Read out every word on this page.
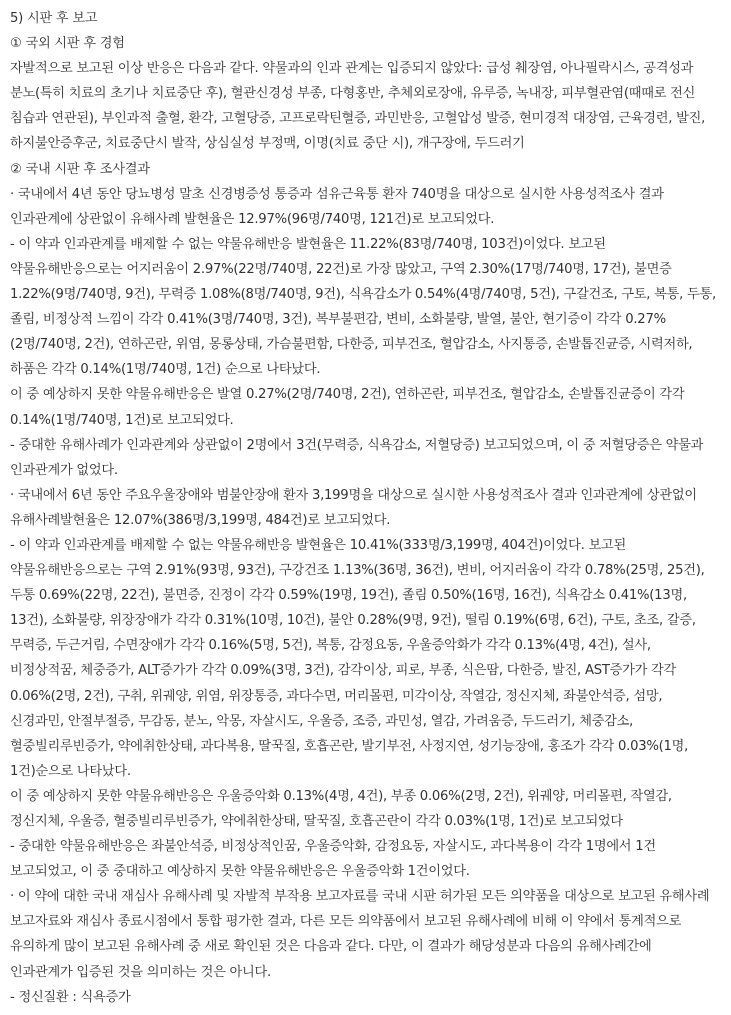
5) 시판 후 보고

① 국외 시판 후 경험

자발적으로 보고된 이상 반응은 다음과 같다. 약물과의 인과 관계는 입증되지 않았다: 급성 췌장염, 아나필락시스, 공격성과 분노(특히 치료의 초기나 치료중단 후), 혈관신경성 부종, 다형홍반, 추체외로장애, 유루증, 녹내장, 피부혈관염(때때로 전신 침습과 연관된), 부인과적 출혈, 환각, 고혈당증, 고프로락틴혈증, 과민반응, 고혈압성 발증, 현미경적 대장염, 근육경련, 발진, 하지불안증후군, 치료중단시 발작, 상심실성 부정맥, 이명(치료 중단 시), 개구장애, 두드러기

② 국내 시판 후 조사결과

· 국내에서 4년 동안 당뇨병성 말초 신경병증성 통증과 섬유근육통 환자 740명을 대상으로 실시한 사용성적조사 결과 인과관계에 상관없이 유해사례 발현율은 12.97%(96명/740명, 121건)로 보고되었다.

- 이 약과 인과관계를 배제할 수 없는 약물유해반응 발현율은 11.22%(83명/740명, 103건)이었다. 보고된 약물유해반응으로는 어지러움이 2.97%(22명/740명, 22건)로 가장 많았고, 구역 2.30%(17명/740명, 17건), 불면증 1.22%(9명/740명, 9건), 무력증 1.08%(8명/740명, 9건), 식욕감소가 0.54%(4명/740명, 5건), 구갈건조, 구토, 복통, 두통, 졸림, 비정상적 느낌이 각각 0.41%(3명/740명, 3건), 복부불편감, 변비, 소화불량, 발열, 불안, 현기증이 각각 0.27%(2명/740명, 2건), 연하곤란, 위염, 몽롱상태, 가슴불편함, 다한증, 피부건조, 혈압감소, 사지통증, 손발톱진균증, 시력저하, 하품은 각각 0.14%(1명/740명, 1건) 순으로 나타났다.

이 중 예상하지 못한 약물유해반응은 발열 0.27%(2명/740명, 2건), 연하곤란, 피부건조, 혈압감소, 손발톱진균증이 각각 0.14%(1명/740명, 1건)로 보고되었다.

- 중대한 유해사례가 인과관계와 상관없이 2명에서 3건(무력증, 식욕감소, 저혈당증) 보고되었으며, 이 중 저혈당증은 약물과 인과관계가 없었다.

· 국내에서 6년 동안 주요우울장애와 범불안장애 환자 3,199명을 대상으로 실시한 사용성적조사 결과 인과관계에 상관없이 유해사례발현율은 12.07%(386명/3,199명, 484건)로 보고되었다.

- 이 약과 인과관계를 배제할 수 없는 약물유해반응 발현율은 10.41%(333명/3,199명, 404건)이었다. 보고된 약물유해반응으로는 구역 2.91%(93명, 93건), 구강건조 1.13%(36명, 36건), 변비, 어지러움이 각각 0.78%(25명, 25건), 두통 0.69%(22명, 22건), 불면증, 진정이 각각 0.59%(19명, 19건), 졸림 0.50%(16명, 16건), 식욕감소 0.41%(13명, 13건), 소화불량, 위장장애가 각각 0.31%(10명, 10건), 불안 0.28%(9명, 9건), 떨림 0.19%(6명, 6건), 구토, 초조, 갈증, 무력증, 두근거림, 수면장애가 각각 0.16%(5명, 5건), 복통, 감정요동, 우울증악화가 각각 0.13%(4명, 4건), 설사, 비정상적꿈, 체중증가, ALT증가가 각각 0.09%(3명, 3건), 감각이상, 피로, 부종, 식은땀, 다한증, 발진, AST증가가 각각 0.06%(2명, 2건), 구취, 위궤양, 위염, 위장통증, 과다수면, 머리몰편, 미각이상, 작열감, 정신지체, 좌불안석증, 섬망, 신경과민, 안절부절증, 무감동, 분노, 악몽, 자살시도, 우울증, 조증, 과민성, 열감, 가려움증, 두드러기, 체중감소, 혈중빌리루빈증가, 약에취한상태, 과다복용, 딸꾹질, 호흡곤란, 발기부전, 사정지연, 성기능장애, 홍조가 각각 0.03%(1명, 1건)순으로 나타났다.

이 중 예상하지 못한 약물유해반응은 우울증악화 0.13%(4명, 4건), 부종 0.06%(2명, 2건), 위궤양, 머리몰편, 작열감, 정신지체, 우울증, 혈중빌리루빈증가, 약에취한상태, 딸꾹질, 호흡곤란이 각각 0.03%(1명, 1건)로 보고되었다

- 중대한 약물유해반응은 좌불안석증, 비정상적인꿈, 우울증악화, 감정요동, 자살시도, 과다복용이 각각 1명에서 1건 보고되었고, 이 중 중대하고 예상하지 못한 약물유해반응은 우울증악화 1건이었다.

· 이 약에 대한 국내 재심사 유해사례 및 자발적 부작용 보고자료를 국내 시판 허가된 모든 의약품을 대상으로 보고된 유해사례 보고자료와 재심사 종료시점에서 통합 평가한 결과, 다른 모든 의약품에서 보고된 유해사례에 비해 이 약에서 통계적으로 유의하게 많이 보고된 유해사례 중 새로 확인된 것은 다음과 같다. 다만, 이 결과가 해당성분과 다음의 유해사례간에 인과관계가 입증된 것을 의미하는 것은 아니다.

- 정신질환 : 식욕증가
